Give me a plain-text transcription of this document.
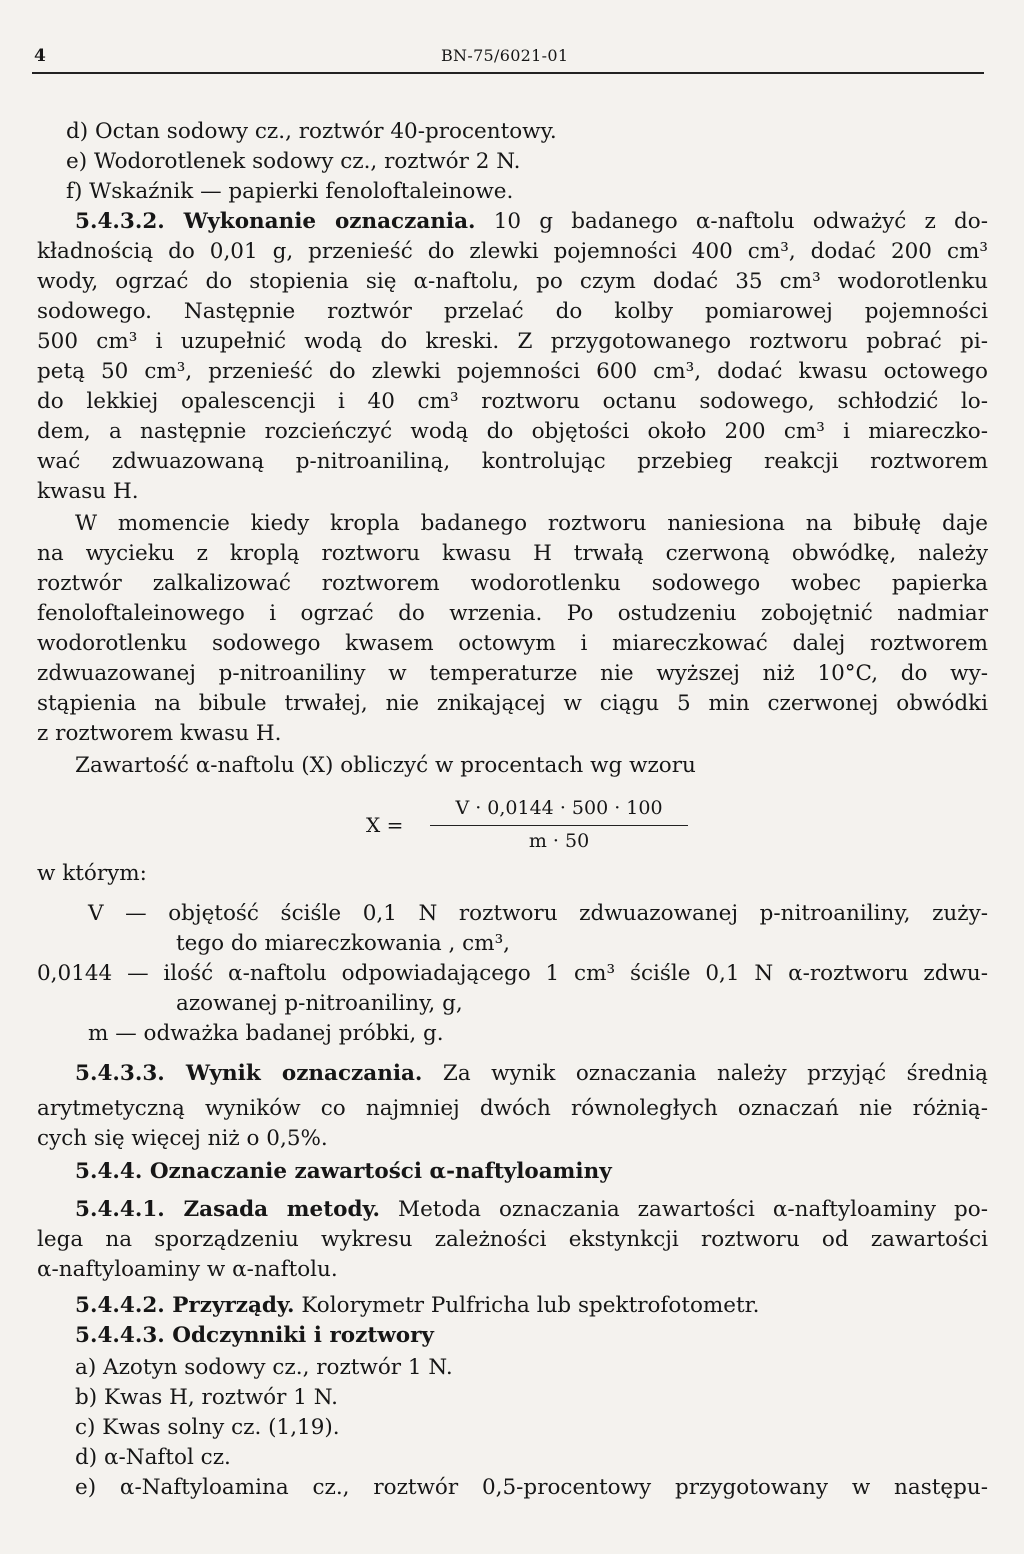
4	BN-75/6021-01
d) Octan sodowy cz., roztwór 40-procentowy.
e) Wodorotlenek sodowy cz., roztwór 2 N.
f) Wskaźnik — papierki fenoloftaleinowe.
5.4.3.2. Wykonanie oznaczania. 10 g badanego α-naftolu odważyć z do-
kładnością do 0,01 g, przenieść do zlewki pojemności 400 cm³, dodać 200 cm³
wody, ogrzać do stopienia się α-naftolu, po czym dodać 35 cm³ wodorotlenku
sodowego. Następnie roztwór przelać do kolby pomiarowej pojemności
500 cm³ i uzupełnić wodą do kreski. Z przygotowanego roztworu pobrać pi-
petą 50 cm³, przenieść do zlewki pojemności 600 cm³, dodać kwasu octowego
do lekkiej opalescencji i 40 cm³ roztworu octanu sodowego, schłodzić lo-
dem, a następnie rozcieńczyć wodą do objętości około 200 cm³ i miareczko-
wać zdwuazowaną p-nitroaniliną, kontrolując przebieg reakcji roztworem
kwasu H.
W momencie kiedy kropla badanego roztworu naniesiona na bibułę daje
na wycieku z kroplą roztworu kwasu H trwałą czerwoną obwódkę, należy
roztwór zalkalizować roztworem wodorotlenku sodowego wobec papierka
fenoloftaleinowego i ogrzać do wrzenia. Po ostudzeniu zobojętnić nadmiar
wodorotlenku sodowego kwasem octowym i miareczkować dalej roztworem
zdwuazowanej p-nitroaniliny w temperaturze nie wyższej niż 10°C, do wy-
stąpienia na bibule trwałej, nie znikającej w ciągu 5 min czerwonej obwódki
z roztworem kwasu H.
Zawartość α-naftolu (X) obliczyć w procentach wg wzoru
X =
V · 0,0144 · 500 · 100
m · 50
w którym:
V — objętość ściśle 0,1 N roztworu zdwuazowanej p-nitroaniliny, zuży-
tego do miareczkowania , cm³,
0,0144 — ilość α-naftolu odpowiadającego 1 cm³ ściśle 0,1 N α-roztworu zdwu-
azowanej p-nitroaniliny, g,
m — odważka badanej próbki, g.
5.4.3.3. Wynik oznaczania. Za wynik oznaczania należy przyjąć średnią
arytmetyczną wyników co najmniej dwóch równoległych oznaczań nie różnią-
cych się więcej niż o 0,5%.
5.4.4. Oznaczanie zawartości α-naftyloaminy
5.4.4.1. Zasada metody. Metoda oznaczania zawartości α-naftyloaminy po-
lega na sporządzeniu wykresu zależności ekstynkcji roztworu od zawartości
α-naftyloaminy w α-naftolu.
5.4.4.2. Przyrządy. Kolorymetr Pulfricha lub spektrofotometr.
5.4.4.3. Odczynniki i roztwory
a) Azotyn sodowy cz., roztwór 1 N.
b) Kwas H, roztwór 1 N.
c) Kwas solny cz. (1,19).
d) α-Naftol cz.
e) α-Naftyloamina cz., roztwór 0,5-procentowy przygotowany w następu-
